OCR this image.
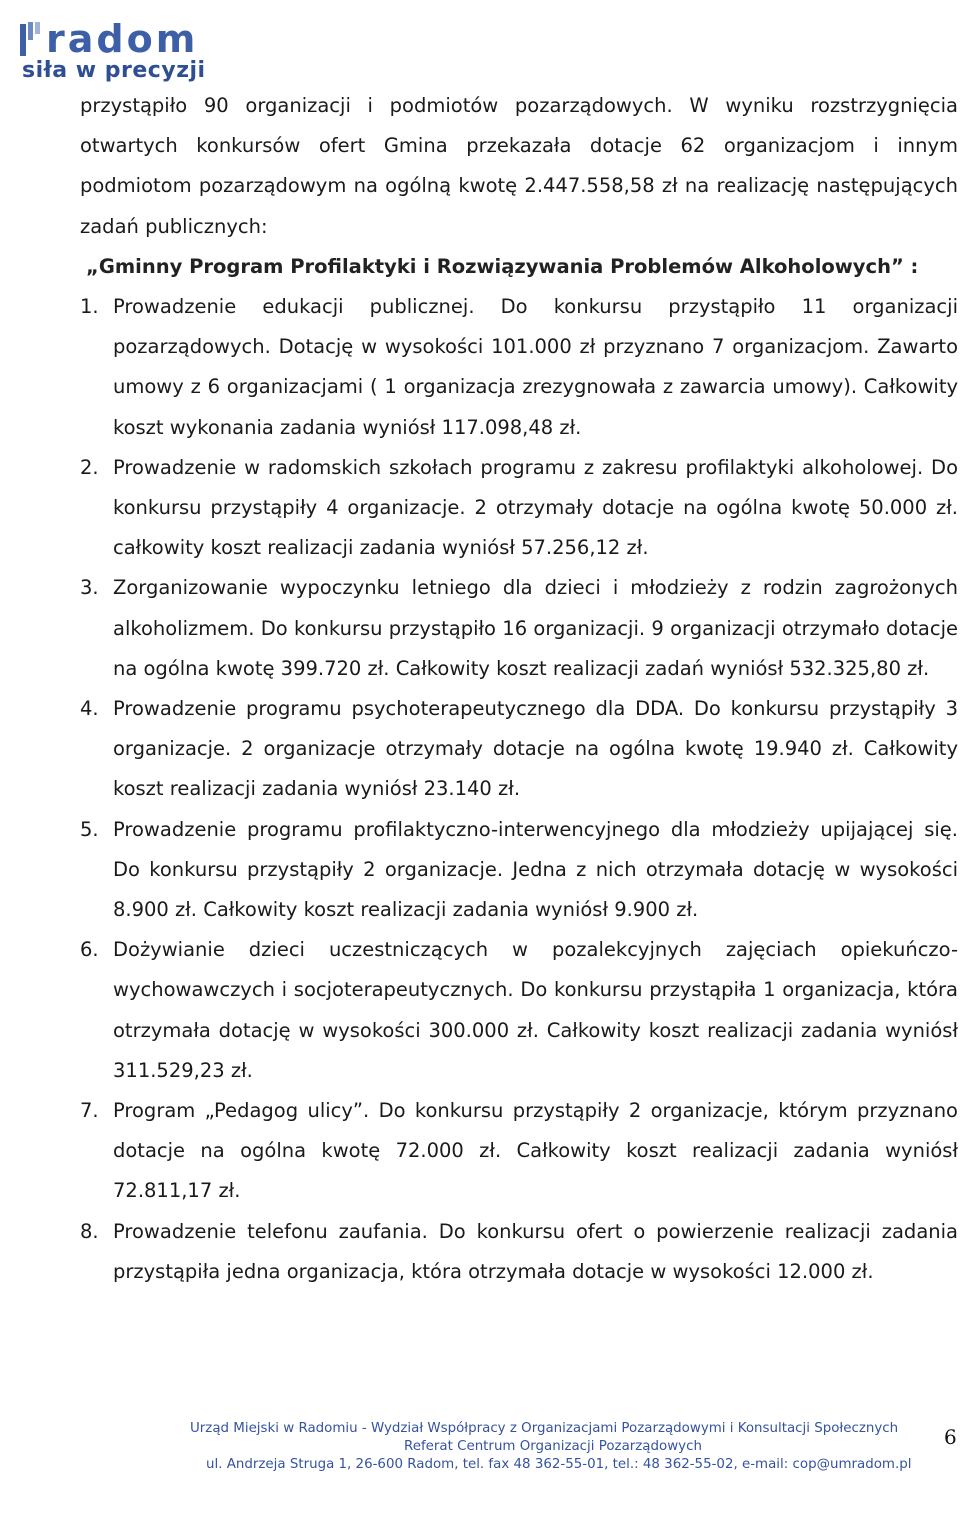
radom
siła w precyzji

przystąpiło 90 organizacji i podmiotów pozarządowych. W wyniku rozstrzygnięcia otwartych konkursów ofert Gmina przekazała dotacje 62 organizacjom i innym podmiotom pozarządowym na ogólną kwotę 2.447.558,58 zł na realizację następujących zadań publicznych:

„Gminny Program Profilaktyki i Rozwiązywania Problemów Alkoholowych” :

1. Prowadzenie edukacji publicznej. Do konkursu przystąpiło 11 organizacji pozarządowych. Dotację w wysokości 101.000 zł przyznano 7 organizacjom. Zawarto umowy z 6 organizacjami ( 1 organizacja zrezygnowała z zawarcia umowy). Całkowity koszt wykonania zadania wyniósł 117.098,48 zł.
2. Prowadzenie w radomskich szkołach programu z zakresu profilaktyki alkoholowej. Do konkursu przystąpiły 4 organizacje. 2 otrzymały dotacje na ogólna kwotę 50.000 zł. całkowity koszt realizacji zadania wyniósł 57.256,12 zł.
3. Zorganizowanie wypoczynku letniego dla dzieci i młodzieży z rodzin zagrożonych alkoholizmem. Do konkursu przystąpiło 16 organizacji. 9 organizacji otrzymało dotacje na ogólna kwotę 399.720 zł. Całkowity koszt realizacji zadań wyniósł 532.325,80 zł.
4. Prowadzenie programu psychoterapeutycznego dla DDA. Do konkursu przystąpiły 3 organizacje. 2 organizacje otrzymały dotacje na ogólna kwotę 19.940 zł. Całkowity koszt realizacji zadania wyniósł 23.140 zł.
5. Prowadzenie programu profilaktyczno-interwencyjnego dla młodzieży upijającej się. Do konkursu przystąpiły 2 organizacje. Jedna z nich otrzymała dotację w wysokości 8.900 zł. Całkowity koszt realizacji zadania wyniósł 9.900 zł.
6. Dożywianie dzieci uczestniczących w pozalekcyjnych zajęciach opiekuńczo-wychowawczych i socjoterapeutycznych. Do konkursu przystąpiła 1 organizacja, która otrzymała dotację w wysokości 300.000 zł. Całkowity koszt realizacji zadania wyniósł 311.529,23 zł.
7. Program „Pedagog ulicy”. Do konkursu przystąpiły 2 organizacje, którym przyznano dotacje na ogólna kwotę 72.000 zł. Całkowity koszt realizacji zadania wyniósł 72.811,17 zł.
8. Prowadzenie telefonu zaufania. Do konkursu ofert o powierzenie realizacji zadania przystąpiła jedna organizacja, która otrzymała dotacje w wysokości 12.000 zł.
Urząd Miejski w Radomiu - Wydział Współpracy z Organizacjami Pozarządowymi i Konsultacji Społecznych
Referat Centrum Organizacji Pozarządowych
ul. Andrzeja Struga 1, 26-600 Radom, tel. fax 48 362-55-01, tel.: 48 362-55-02, e-mail: cop@umradom.pl
6
